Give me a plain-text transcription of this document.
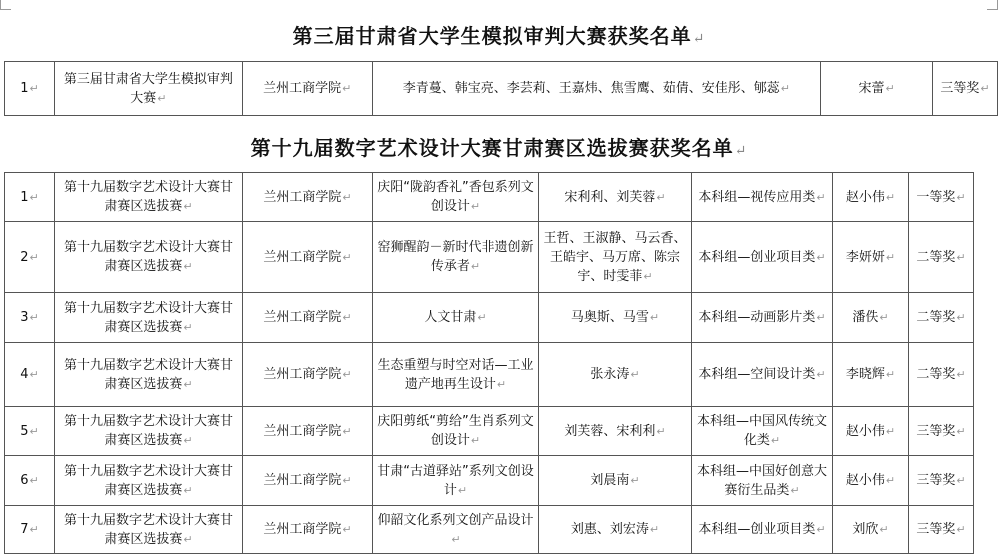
第三届甘肃省大学生模拟审判大赛获奖名单↵
1↵	第三届甘肃省大学生模拟审判大赛↵	兰州工商学院↵	李青蔓、韩宝亮、李芸莉、王嘉炜、焦雪鹰、茹倩、安佳彤、郇蕊↵	宋蕾↵	三等奖↵
第十九届数字艺术设计大赛甘肃赛区选拔赛获奖名单↵
1↵	第十九届数字艺术设计大赛甘肃赛区选拔赛↵	兰州工商学院↵	庆阳“陇韵香礼”香包系列文创设计↵	宋利利、刘芙蓉↵	本科组—视传应用类↵	赵小伟↵	一等奖↵
2↵	第十九届数字艺术设计大赛甘肃赛区选拔赛↵	兰州工商学院↵	窑狮醒韵－新时代非遗创新传承者↵	王哲、王淑静、马云香、王皓宇、马万席、陈宗宇、时雯菲↵	本科组—创业项目类↵	李妍妍↵	二等奖↵
3↵	第十九届数字艺术设计大赛甘肃赛区选拔赛↵	兰州工商学院↵	人文甘肃↵	马奥斯、马雪↵	本科组—动画影片类↵	潘佚↵	二等奖↵
4↵	第十九届数字艺术设计大赛甘肃赛区选拔赛↵	兰州工商学院↵	生态重塑与时空对话—工业遗产地再生设计↵	张永涛↵	本科组—空间设计类↵	李晓辉↵	二等奖↵
5↵	第十九届数字艺术设计大赛甘肃赛区选拔赛↵	兰州工商学院↵	庆阳剪纸“剪给”生肖系列文创设计↵	刘芙蓉、宋利利↵	本科组—中国风传统文化类↵	赵小伟↵	三等奖↵
6↵	第十九届数字艺术设计大赛甘肃赛区选拔赛↵	兰州工商学院↵	甘肃“古道驿站”系列文创设计↵	刘晨南↵	本科组—中国好创意大赛衍生品类↵	赵小伟↵	三等奖↵
7↵	第十九届数字艺术设计大赛甘肃赛区选拔赛↵	兰州工商学院↵	仰韶文化系列文创产品设计↵	刘惠、刘宏涛↵	本科组—创业项目类↵	刘欣↵	三等奖↵
